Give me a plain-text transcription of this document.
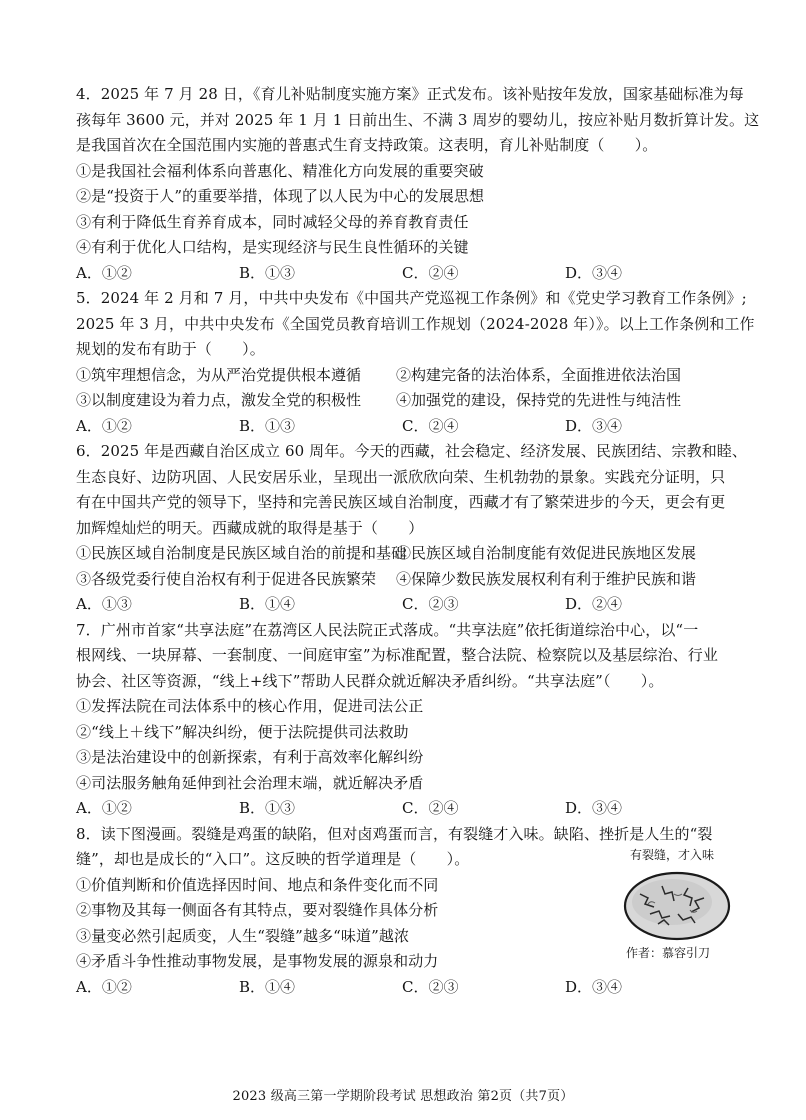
4．2025 年 7 月 28 日，《育儿补贴制度实施方案》正式发布。该补贴按年发放，国家基础标准为每
孩每年 3600 元，并对 2025 年 1 月 1 日前出生、不满 3 周岁的婴幼儿，按应补贴月数折算计发。这
是我国首次在全国范围内实施的普惠式生育支持政策。这表明，育儿补贴制度（　　）。
①是我国社会福利体系向普惠化、精准化方向发展的重要突破
②是“投资于人”的重要举措，体现了以人民为中心的发展思想
③有利于降低生育养育成本，同时减轻父母的养育教育责任
④有利于优化人口结构，是实现经济与民生良性循环的关键
A．①②	B．①③	C．②④	D．③④
5．2024 年 2 月和 7 月，中共中央发布《中国共产党巡视工作条例》和《党史学习教育工作条例》;
2025 年 3 月，中共中央发布《全国党员教育培训工作规划（2024-2028 年）》。以上工作条例和工作
规划的发布有助于（　　）。
①筑牢理想信念，为从严治党提供根本遵循	②构建完备的法治体系，全面推进依法治国
③以制度建设为着力点，激发全党的积极性	④加强党的建设，保持党的先进性与纯洁性
A．①②	B．①③	C．②④	D．③④
6．2025 年是西藏自治区成立 60 周年。今天的西藏，社会稳定、经济发展、民族团结、宗教和睦、
生态良好、边防巩固、人民安居乐业，呈现出一派欣欣向荣、生机勃勃的景象。实践充分证明，只
有在中国共产党的领导下，坚持和完善民族区域自治制度，西藏才有了繁荣进步的今天，更会有更
加辉煌灿烂的明天。西藏成就的取得是基于（　　）
①民族区域自治制度是民族区域自治的前提和基础
②民族区域自治制度能有效促进民族地区发展
③各级党委行使自治权有利于促进各民族繁荣	④保障少数民族发展权利有利于维护民族和谐
A．①③	B．①④	C．②③	D．②④
7．广州市首家“共享法庭”在荔湾区人民法院正式落成。“共享法庭”依托街道综治中心，以“一
根网线、一块屏幕、一套制度、一间庭审室”为标准配置，整合法院、检察院以及基层综治、行业
协会、社区等资源，“线上+线下”帮助人民群众就近解决矛盾纠纷。“共享法庭”（　　）。
①发挥法院在司法体系中的核心作用，促进司法公正
②“线上＋线下”解决纠纷，便于法院提供司法救助
③是法治建设中的创新探索，有利于高效率化解纠纷
④司法服务触角延伸到社会治理末端，就近解决矛盾
A．①②	B．①③	C．②④	D．③④
8．读下图漫画。裂缝是鸡蛋的缺陷，但对卤鸡蛋而言，有裂缝才入味。缺陷、挫折是人生的“裂
缝”，却也是成长的“入口”。这反映的哲学道理是（　　）。
①价值判断和价值选择因时间、地点和条件变化而不同
②事物及其每一侧面各有其特点，要对裂缝作具体分析
③量变必然引起质变，人生“裂缝”越多“味道”越浓
④矛盾斗争性推动事物发展，是事物发展的源泉和动力
A．①②	B．①④	C．②③	D．③④
有裂缝，才入味
作者：慕容引刀
2023 级高三第一学期阶段考试 思想政治 第2页（共7页）
